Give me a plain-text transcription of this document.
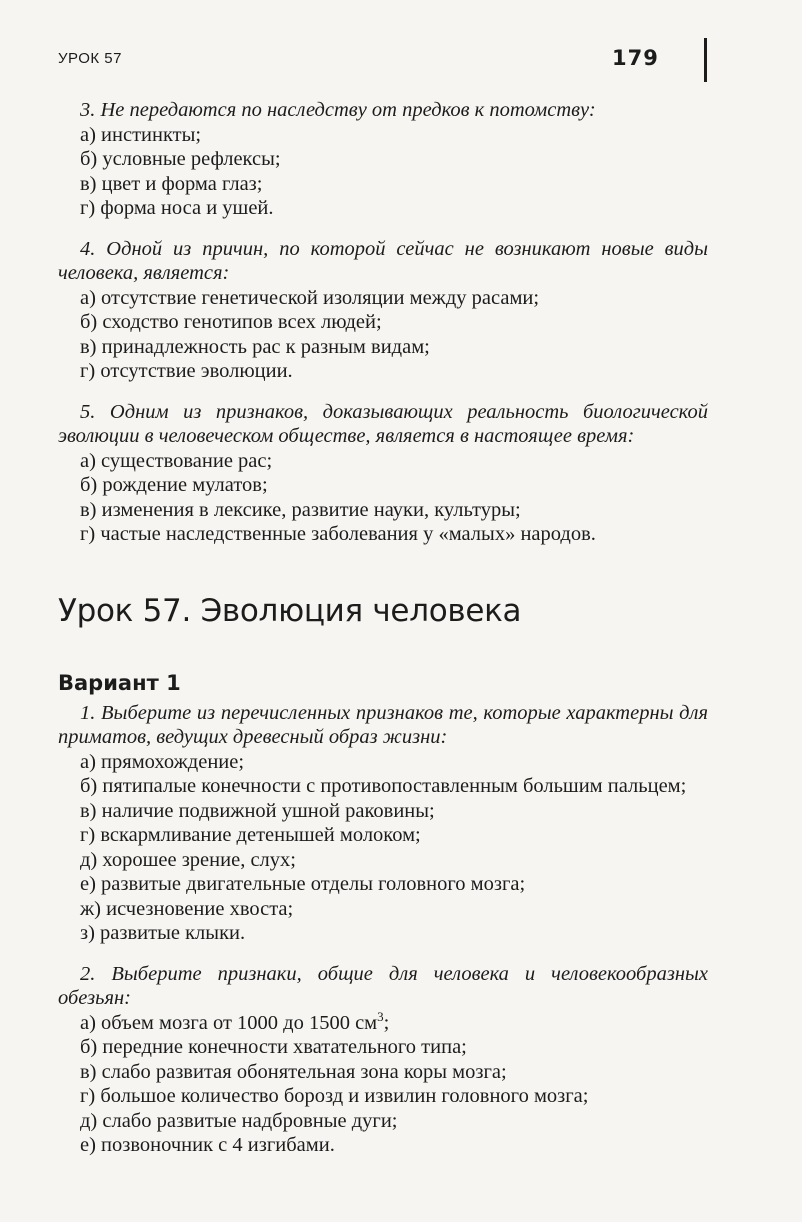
УРОК 57	179
3. Не передаются по наследству от предков к потомству:
а) инстинкты;
б) условные рефлексы;
в) цвет и форма глаз;
г) форма носа и ушей.
4. Одной из причин, по которой сейчас не возникают новые виды человека, является:
а) отсутствие генетической изоляции между расами;
б) сходство генотипов всех людей;
в) принадлежность рас к разным видам;
г) отсутствие эволюции.
5. Одним из признаков, доказывающих реальность биологической эволюции в человеческом обществе, является в настоящее время:
а) существование рас;
б) рождение мулатов;
в) изменения в лексике, развитие науки, культуры;
г) частые наследственные заболевания у «малых» народов.
Урок 57. Эволюция человека
Вариант 1
1. Выберите из перечисленных признаков те, которые характерны для приматов, ведущих древесный образ жизни:
а) прямохождение;
б) пятипалые конечности с противопоставленным большим пальцем;
в) наличие подвижной ушной раковины;
г) вскармливание детенышей молоком;
д) хорошее зрение, слух;
е) развитые двигательные отделы головного мозга;
ж) исчезновение хвоста;
з) развитые клыки.
2. Выберите признаки, общие для человека и человекообразных обезьян:
а) объем мозга от 1000 до 1500 $см^3$;
б) передние конечности хватательного типа;
в) слабо развитая обонятельная зона коры мозга;
г) большое количество борозд и извилин головного мозга;
д) слабо развитые надбровные дуги;
е) позвоночник с 4 изгибами.
